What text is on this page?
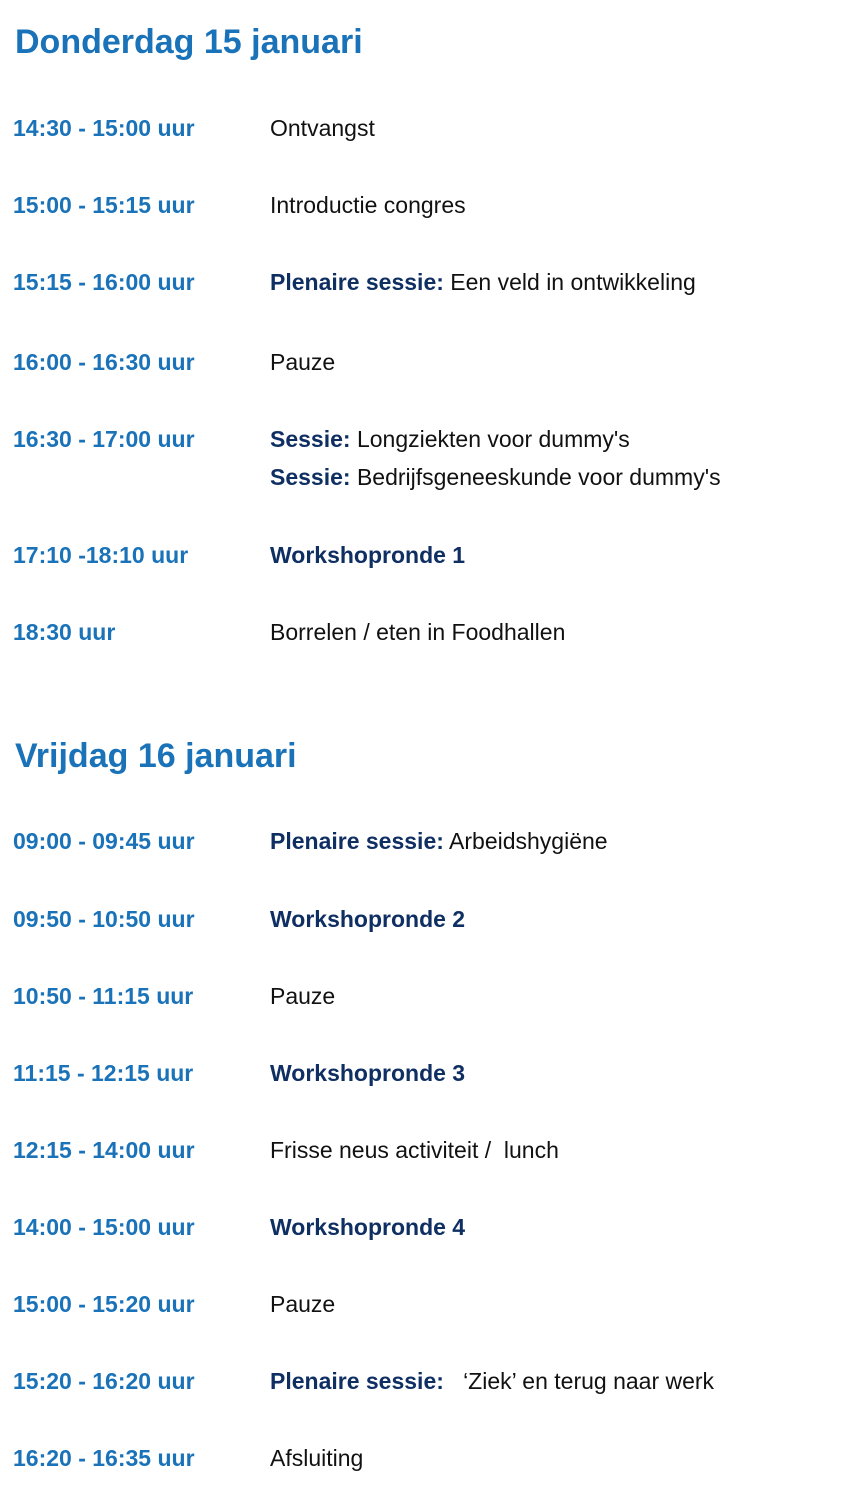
Donderdag 15 januari
14:30 - 15:00 uur	Ontvangst
15:00 - 15:15 uur	Introductie congres
15:15 - 16:00 uur	Plenaire sessie: Een veld in ontwikkeling
16:00 - 16:30 uur	Pauze
16:30 - 17:00 uur	Sessie: Longziekten voor dummy's
Sessie: Bedrijfsgeneeskunde voor dummy's
17:10 -18:10 uur	Workshopronde 1
18:30 uur	Borrelen / eten in Foodhallen
Vrijdag 16 januari
09:00 - 09:45 uur	Plenaire sessie: Arbeidshygiëne
09:50 - 10:50 uur	Workshopronde 2
10:50 - 11:15 uur	Pauze
11:15 - 12:15 uur	Workshopronde 3
12:15 - 14:00 uur	Frisse neus activiteit /  lunch
14:00 - 15:00 uur	Workshopronde 4
15:00 - 15:20 uur	Pauze
15:20 - 16:20 uur	Plenaire sessie:   ‘Ziek’ en terug naar werk
16:20 - 16:35 uur	Afsluiting
